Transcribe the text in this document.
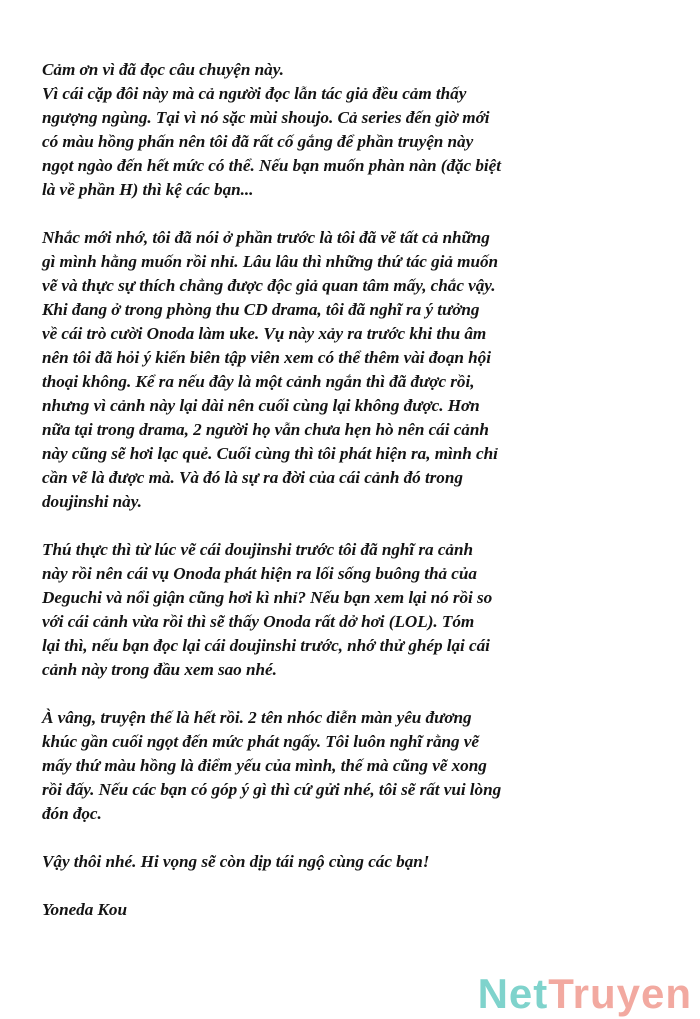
Cảm ơn vì đã đọc câu chuyện này.
Vì cái cặp đôi này mà cả người đọc lẫn tác giả đều cảm thấy
ngượng ngùng. Tại vì nó sặc mùi shoujo. Cả series đến giờ mới
có màu hồng phấn nên tôi đã rất cố gắng để phần truyện này
ngọt ngào đến hết mức có thể. Nếu bạn muốn phàn nàn (đặc biệt
là về phần H) thì kệ các bạn...

Nhắc mới nhớ, tôi đã nói ở phần trước là tôi đã vẽ tất cả những
gì mình hằng muốn rồi nhỉ. Lâu lâu thì những thứ tác giả muốn
vẽ và thực sự thích chẳng được độc giả quan tâm mấy, chắc vậy.
Khi đang ở trong phòng thu CD drama, tôi đã nghĩ ra ý tưởng
về cái trò cười Onoda làm uke. Vụ này xảy ra trước khi thu âm
nên tôi đã hỏi ý kiến biên tập viên xem có thể thêm vài đoạn hội
thoại không. Kể ra nếu đây là một cảnh ngắn thì đã được rồi,
nhưng vì cảnh này lại dài nên cuối cùng lại không được. Hơn
nữa tại trong drama, 2 người họ vẫn chưa hẹn hò nên cái cảnh
này cũng sẽ hơi lạc quẻ. Cuối cùng thì tôi phát hiện ra, mình chỉ
cần vẽ là được mà. Và đó là sự ra đời của cái cảnh đó trong
doujinshi này.

Thú thực thì từ lúc vẽ cái doujinshi trước tôi đã nghĩ ra cảnh
này rồi nên cái vụ Onoda phát hiện ra lối sống buông thả của
Deguchi và nổi giận cũng hơi kì nhỉ? Nếu bạn xem lại nó rồi so
với cái cảnh vừa rồi thì sẽ thấy Onoda rất dở hơi (LOL). Tóm
lại thì, nếu bạn đọc lại cái doujinshi trước, nhớ thử ghép lại cái
cảnh này trong đầu xem sao nhé.

À vâng, truyện thế là hết rồi. 2 tên nhóc diễn màn yêu đương
khúc gần cuối ngọt đến mức phát ngấy. Tôi luôn nghĩ rằng vẽ
mấy thứ màu hồng là điểm yếu của mình, thế mà cũng vẽ xong
rồi đấy. Nếu các bạn có góp ý gì thì cứ gửi nhé, tôi sẽ rất vui lòng
đón đọc.

Vậy thôi nhé. Hi vọng sẽ còn dịp tái ngộ cùng các bạn!

Yoneda Kou

NetTruyen
